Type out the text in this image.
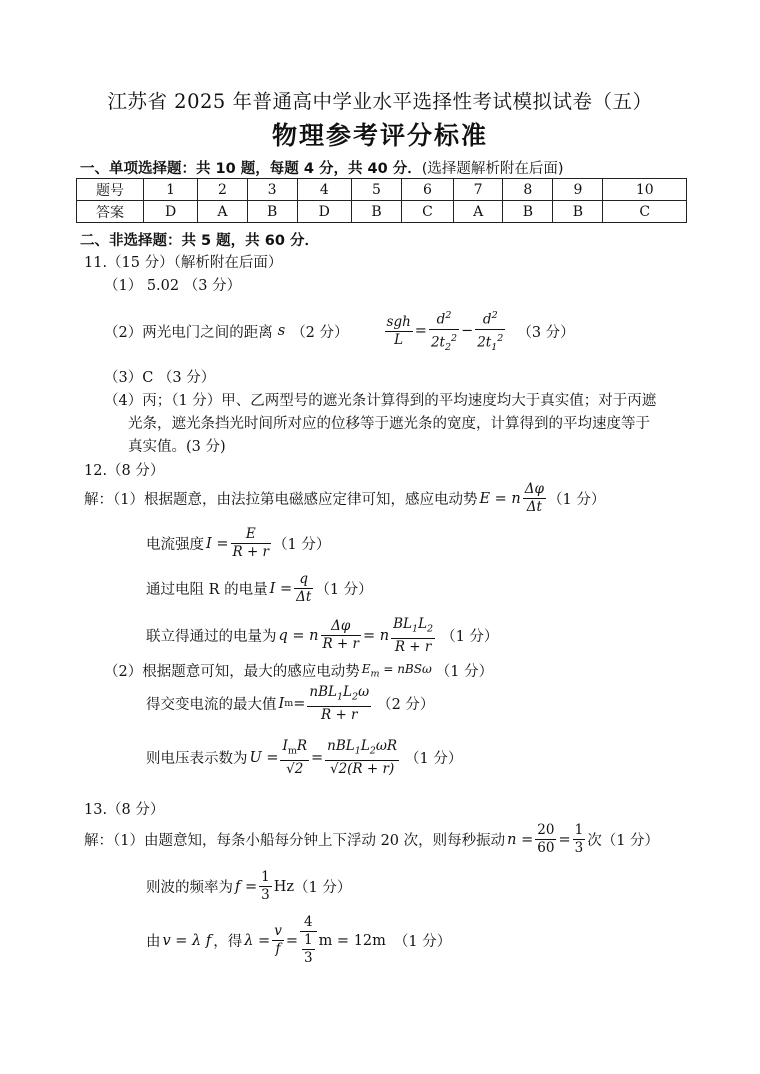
江苏省 2025 年普通高中学业水平选择性考试模拟试卷（五）
物理参考评分标准
一、单项选择题：共 10 题，每题 4 分，共 40 分．(选择题解析附在后面)
题号	1	2	3	4	5	6	7	8	9	10
答案	D	A	B	D	B	C	A	B	B	C
二、非选择题：共 5 题，共 60 分．
11.（15 分）（解析附在后面）
（1） 5.02 （3 分）
（2）两光电门之间的距离 s （2 分）	$\frac{\text{sgh}}{L} = \frac{d^2}{2t_2^2} - \frac{d^2}{2t_1^2} (3$ 分）
（3）C （3 分）
（4）丙；（1 分）甲、乙两型号的遮光条计算得到的平均速度均大于真实值；对于丙遮
光条，遮光条挡光时间所对应的位移等于遮光条的宽度，计算得到的平均速度等于
真实值。(3 分)
12.（8 分）
解：（1）根据题意，由法拉第电磁感应定律可知，感应电动势 E = n $\frac{\Delta\varphi}{\Delta t} (1$ 分）
电流强度 $I = \frac{E}{R + r} (1$ 分）
通过电阻 R 的电量 $I = \frac{q}{\Delta t} (1$ 分）
联立得通过的电量为 q = n $\frac{\Delta\varphi}{R + r} = n \frac{BL_1L_2}{R + r} (1$ 分）
（2）根据题意可知，最大的感应电动势 $E_m = nBS\omega$ （1 分）
得交变电流的最大值 I $m = \frac{nBL_1L_2\omega}{R + r} (2$ 分）
则电压表示数为 $U = \frac{I_mR}{√2} = \frac{nBL_1L_2\omega R}{√2(R + r)} (1$ 分）
13.（8 分）
解：（1）由题意知，每条小船每分钟上下浮动 20 次，则每秒振动 $n = \frac{20}{60} = \frac{1}{3}$ 次（1 分）
则波的频率为 $f = \frac{1}{3}$ Hz （1 分）
由 v = λ f ，得 $\lambda = \frac{v}{f} = \frac{4}{\frac{1}{3}}$ m = 12m （1 分）
